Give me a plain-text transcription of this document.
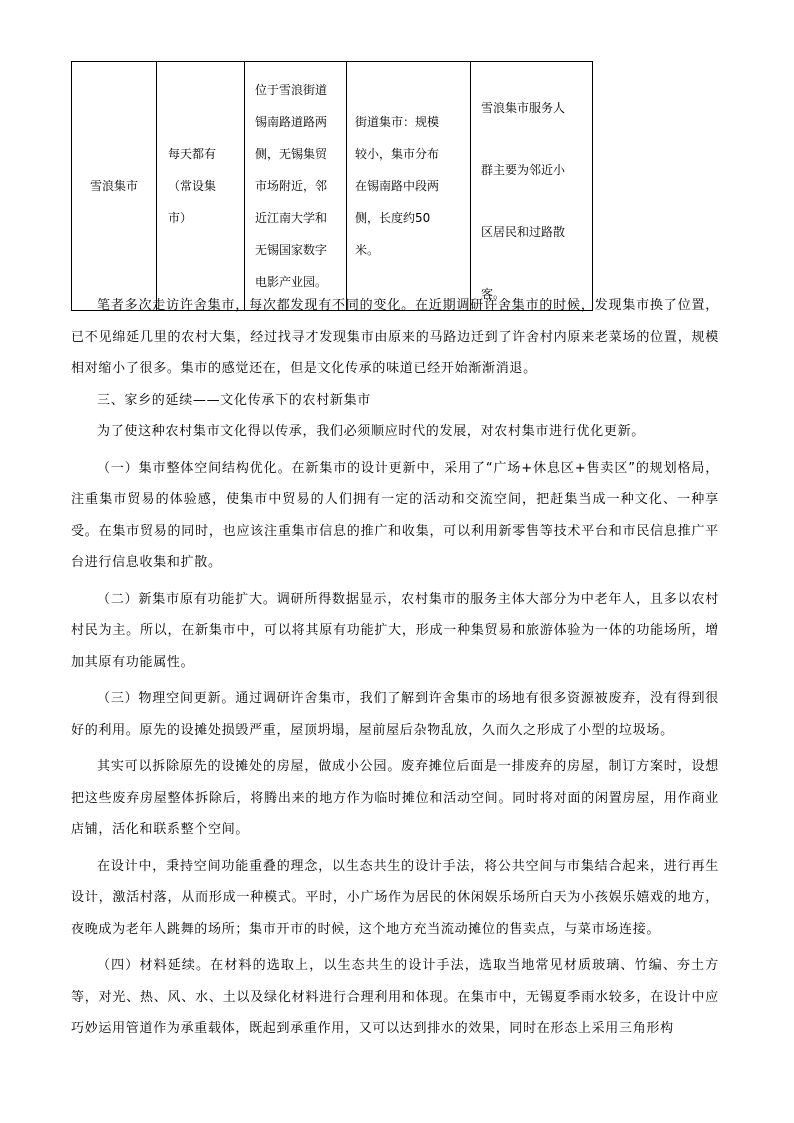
雪浪集市

每天都有
（常设集
市）

位于雪浪街道
锡南路道路两
侧，无锡集贸
市场附近，邻
近江南大学和
无锡国家数字
电影产业园。

街道集市：规模
较小，集市分布
在锡南路中段两
侧，长度约50
米。

雪浪集市服务人
群主要为邻近小
区居民和过路散
客。

笔者多次走访许舍集市，每次都发现有不同的变化。在近期调研许舍集市的时候，发现集市换了位置，已不见绵延几里的农村大集，经过找寻才发现集市由原来的马路边迁到了许舍村内原来老菜场的位置，规模相对缩小了很多。集市的感觉还在，但是文化传承的味道已经开始渐渐消退。

三、家乡的延续——文化传承下的农村新集市

为了使这种农村集市文化得以传承，我们必须顺应时代的发展，对农村集市进行优化更新。

（一）集市整体空间结构优化。在新集市的设计更新中，采用了“广场+休息区+售卖区”的规划格局，注重集市贸易的体验感，使集市中贸易的人们拥有一定的活动和交流空间，把赶集当成一种文化、一种享受。在集市贸易的同时，也应该注重集市信息的推广和收集，可以利用新零售等技术平台和市民信息推广平台进行信息收集和扩散。

（二）新集市原有功能扩大。调研所得数据显示，农村集市的服务主体大部分为中老年人，且多以农村村民为主。所以，在新集市中，可以将其原有功能扩大，形成一种集贸易和旅游体验为一体的功能场所，增加其原有功能属性。

（三）物理空间更新。通过调研许舍集市，我们了解到许舍集市的场地有很多资源被废弃，没有得到很好的利用。原先的设摊处损毁严重，屋顶坍塌，屋前屋后杂物乱放，久而久之形成了小型的垃圾场。

其实可以拆除原先的设摊处的房屋，做成小公园。废弃摊位后面是一排废弃的房屋，制订方案时，设想把这些废弃房屋整体拆除后，将腾出来的地方作为临时摊位和活动空间。同时将对面的闲置房屋，用作商业店铺，活化和联系整个空间。

在设计中，秉持空间功能重叠的理念，以生态共生的设计手法，将公共空间与市集结合起来，进行再生设计，激活村落，从而形成一种模式。平时，小广场作为居民的休闲娱乐场所白天为小孩娱乐嬉戏的地方，夜晚成为老年人跳舞的场所；集市开市的时候，这个地方充当流动摊位的售卖点，与菜市场连接。

（四）材料延续。在材料的选取上，以生态共生的设计手法，选取当地常见材质玻璃、竹编、夯土方等，对光、热、风、水、土以及绿化材料进行合理利用和体现。在集市中，无锡夏季雨水较多，在设计中应巧妙运用管道作为承重载体，既起到承重作用，又可以达到排水的效果，同时在形态上采用三角形构
